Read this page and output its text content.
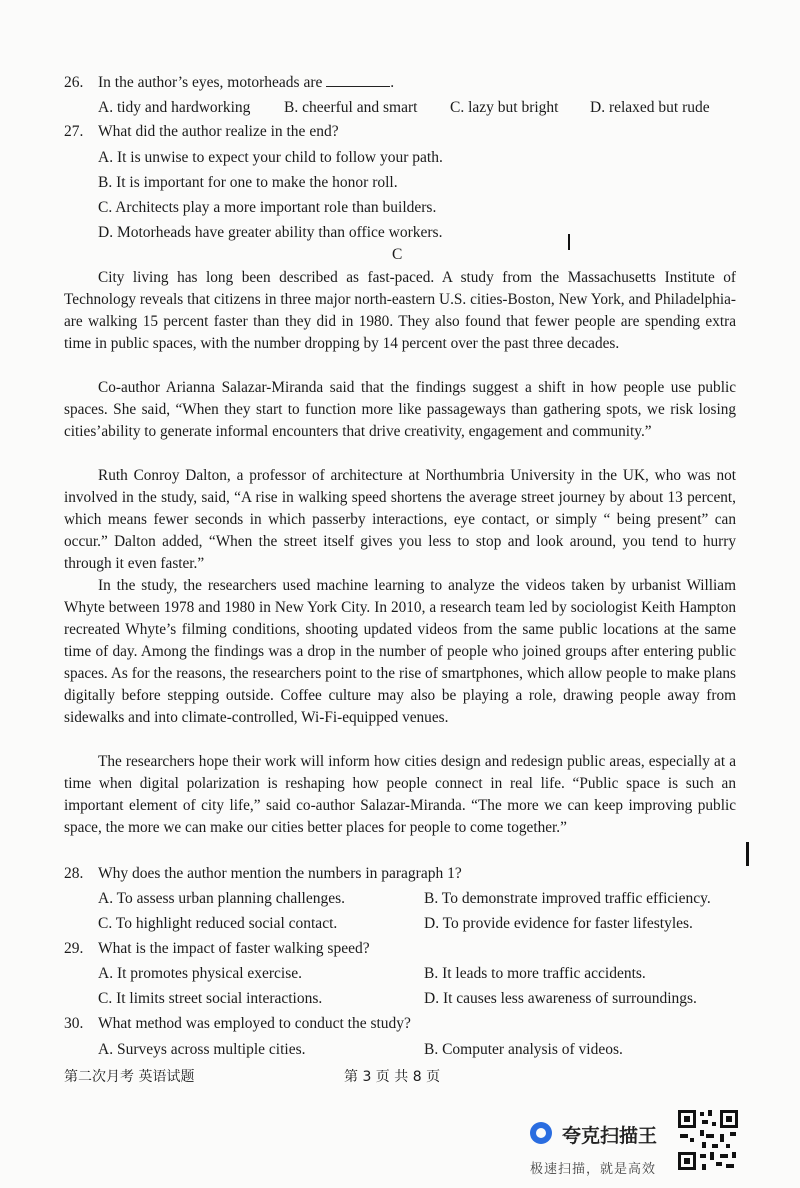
26. In the author’s eyes, motorheads are	.
A. tidy and hardworking B. cheerful and smart C. lazy but bright D. relaxed but rude
27. What did the author realize in the end?
A. It is unwise to expect your child to follow your path.
B. It is important for one to make the honor roll.
C. Architects play a more important role than builders.
D. Motorheads have greater ability than office workers.
C
City living has long been described as fast-paced. A study from the Massachusetts Institute of Technology reveals that citizens in three major north-eastern U.S. cities-Boston, New York, and Philadelphia-are walking 15 percent faster than they did in 1980. They also found that fewer people are spending extra time in public spaces, with the number dropping by 14 percent over the past three decades.
Co-author Arianna Salazar-Miranda said that the findings suggest a shift in how people use public spaces. She said, “When they start to function more like passageways than gathering spots, we risk losing cities’ability to generate informal encounters that drive creativity, engagement and community.”
Ruth Conroy Dalton, a professor of architecture at Northumbria University in the UK, who was not involved in the study, said, “A rise in walking speed shortens the average street journey by about 13 percent, which means fewer seconds in which passerby interactions, eye contact, or simply “ being present” can occur.” Dalton added, “When the street itself gives you less to stop and look around, you tend to hurry through it even faster.”
In the study, the researchers used machine learning to analyze the videos taken by urbanist William Whyte between 1978 and 1980 in New York City. In 2010, a research team led by sociologist Keith Hampton recreated Whyte’s filming conditions, shooting updated videos from the same public locations at the same time of day. Among the findings was a drop in the number of people who joined groups after entering public spaces. As for the reasons, the researchers point to the rise of smartphones, which allow people to make plans digitally before stepping outside. Coffee culture may also be playing a role, drawing people away from sidewalks and into climate-controlled, Wi-Fi-equipped venues.
The researchers hope their work will inform how cities design and redesign public areas, especially at a time when digital polarization is reshaping how people connect in real life. “Public space is such an important element of city life,” said co-author Salazar-Miranda. “The more we can keep improving public space, the more we can make our cities better places for people to come together.”
28. Why does the author mention the numbers in paragraph 1?
A. To assess urban planning challenges.	B. To demonstrate improved traffic efficiency.
C. To highlight reduced social contact.	D. To provide evidence for faster lifestyles.
29. What is the impact of faster walking speed?
A. It promotes physical exercise.	B. It leads to more traffic accidents.
C. It limits street social interactions.	D. It causes less awareness of surroundings.
30. What method was employed to conduct the study?
A. Surveys across multiple cities.	B. Computer analysis of videos.
第二次月考 英语试题	第 3 页 共 8 页
夸克扫描王
极速扫描，就是高效
